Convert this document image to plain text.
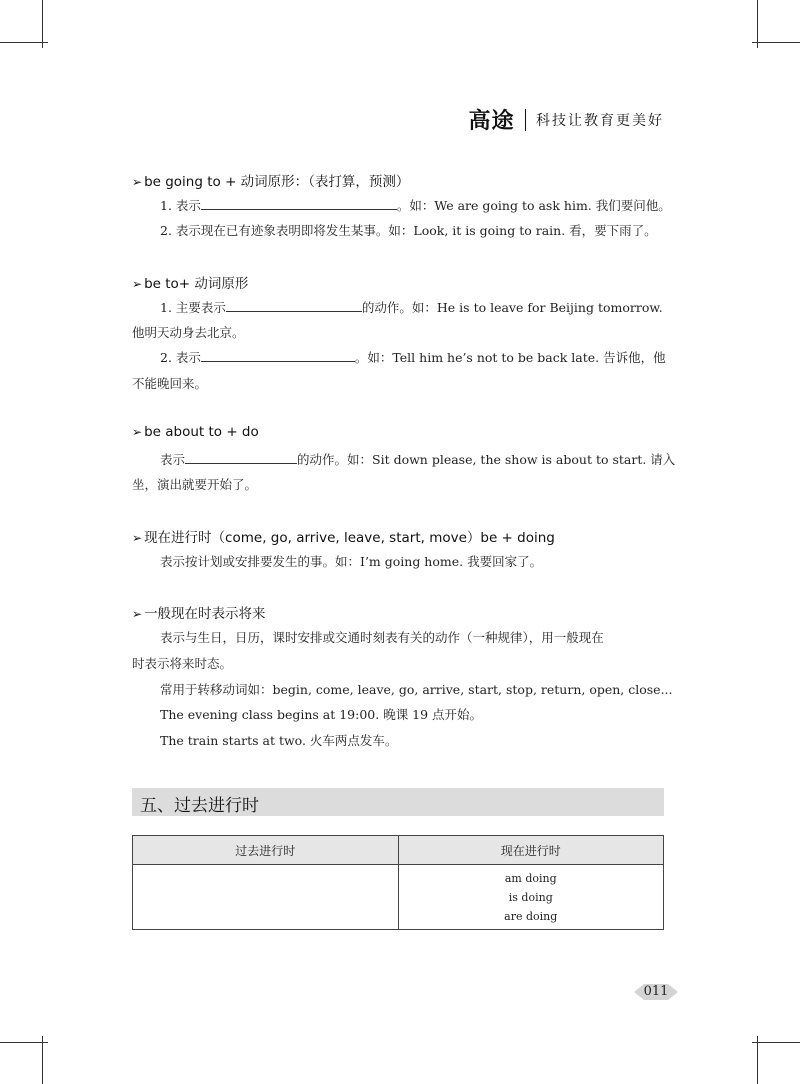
高途 科技让教育更美好
➢ be going to + 动词原形：（表打算，预测）
1. 表示	。如：We are going to ask him. 我们要问他。
2. 表示现在已有迹象表明即将发生某事。如：Look, it is going to rain. 看，要下雨了。
➢ be to+ 动词原形
1. 主要表示	的动作。如：He is to leave for Beijing tomorrow.
他明天动身去北京。
2. 表示	。如：Tell him he’s not to be back late. 告诉他，他
不能晚回来。
➢ be about to + do
表示	的动作。如：Sit down please, the show is about to start. 请入
坐，演出就要开始了。
➢ 现在进行时（come, go, arrive, leave, start, move）be + doing
表示按计划或安排要发生的事。如：I’m going home. 我要回家了。
➢ 一般现在时表示将来
表示与生日，日历，课时安排或交通时刻表有关的动作（一种规律），用一般现在
时表示将来时态。
常用于转移动词如：begin, come, leave, go, arrive, start, stop, return, open, close...
The evening class begins at 19:00. 晚课 19 点开始。
The train starts at two. 火车两点发车。
五、过去进行时
过去进行时	现在进行时

	am doing
is doing
are doing
011
